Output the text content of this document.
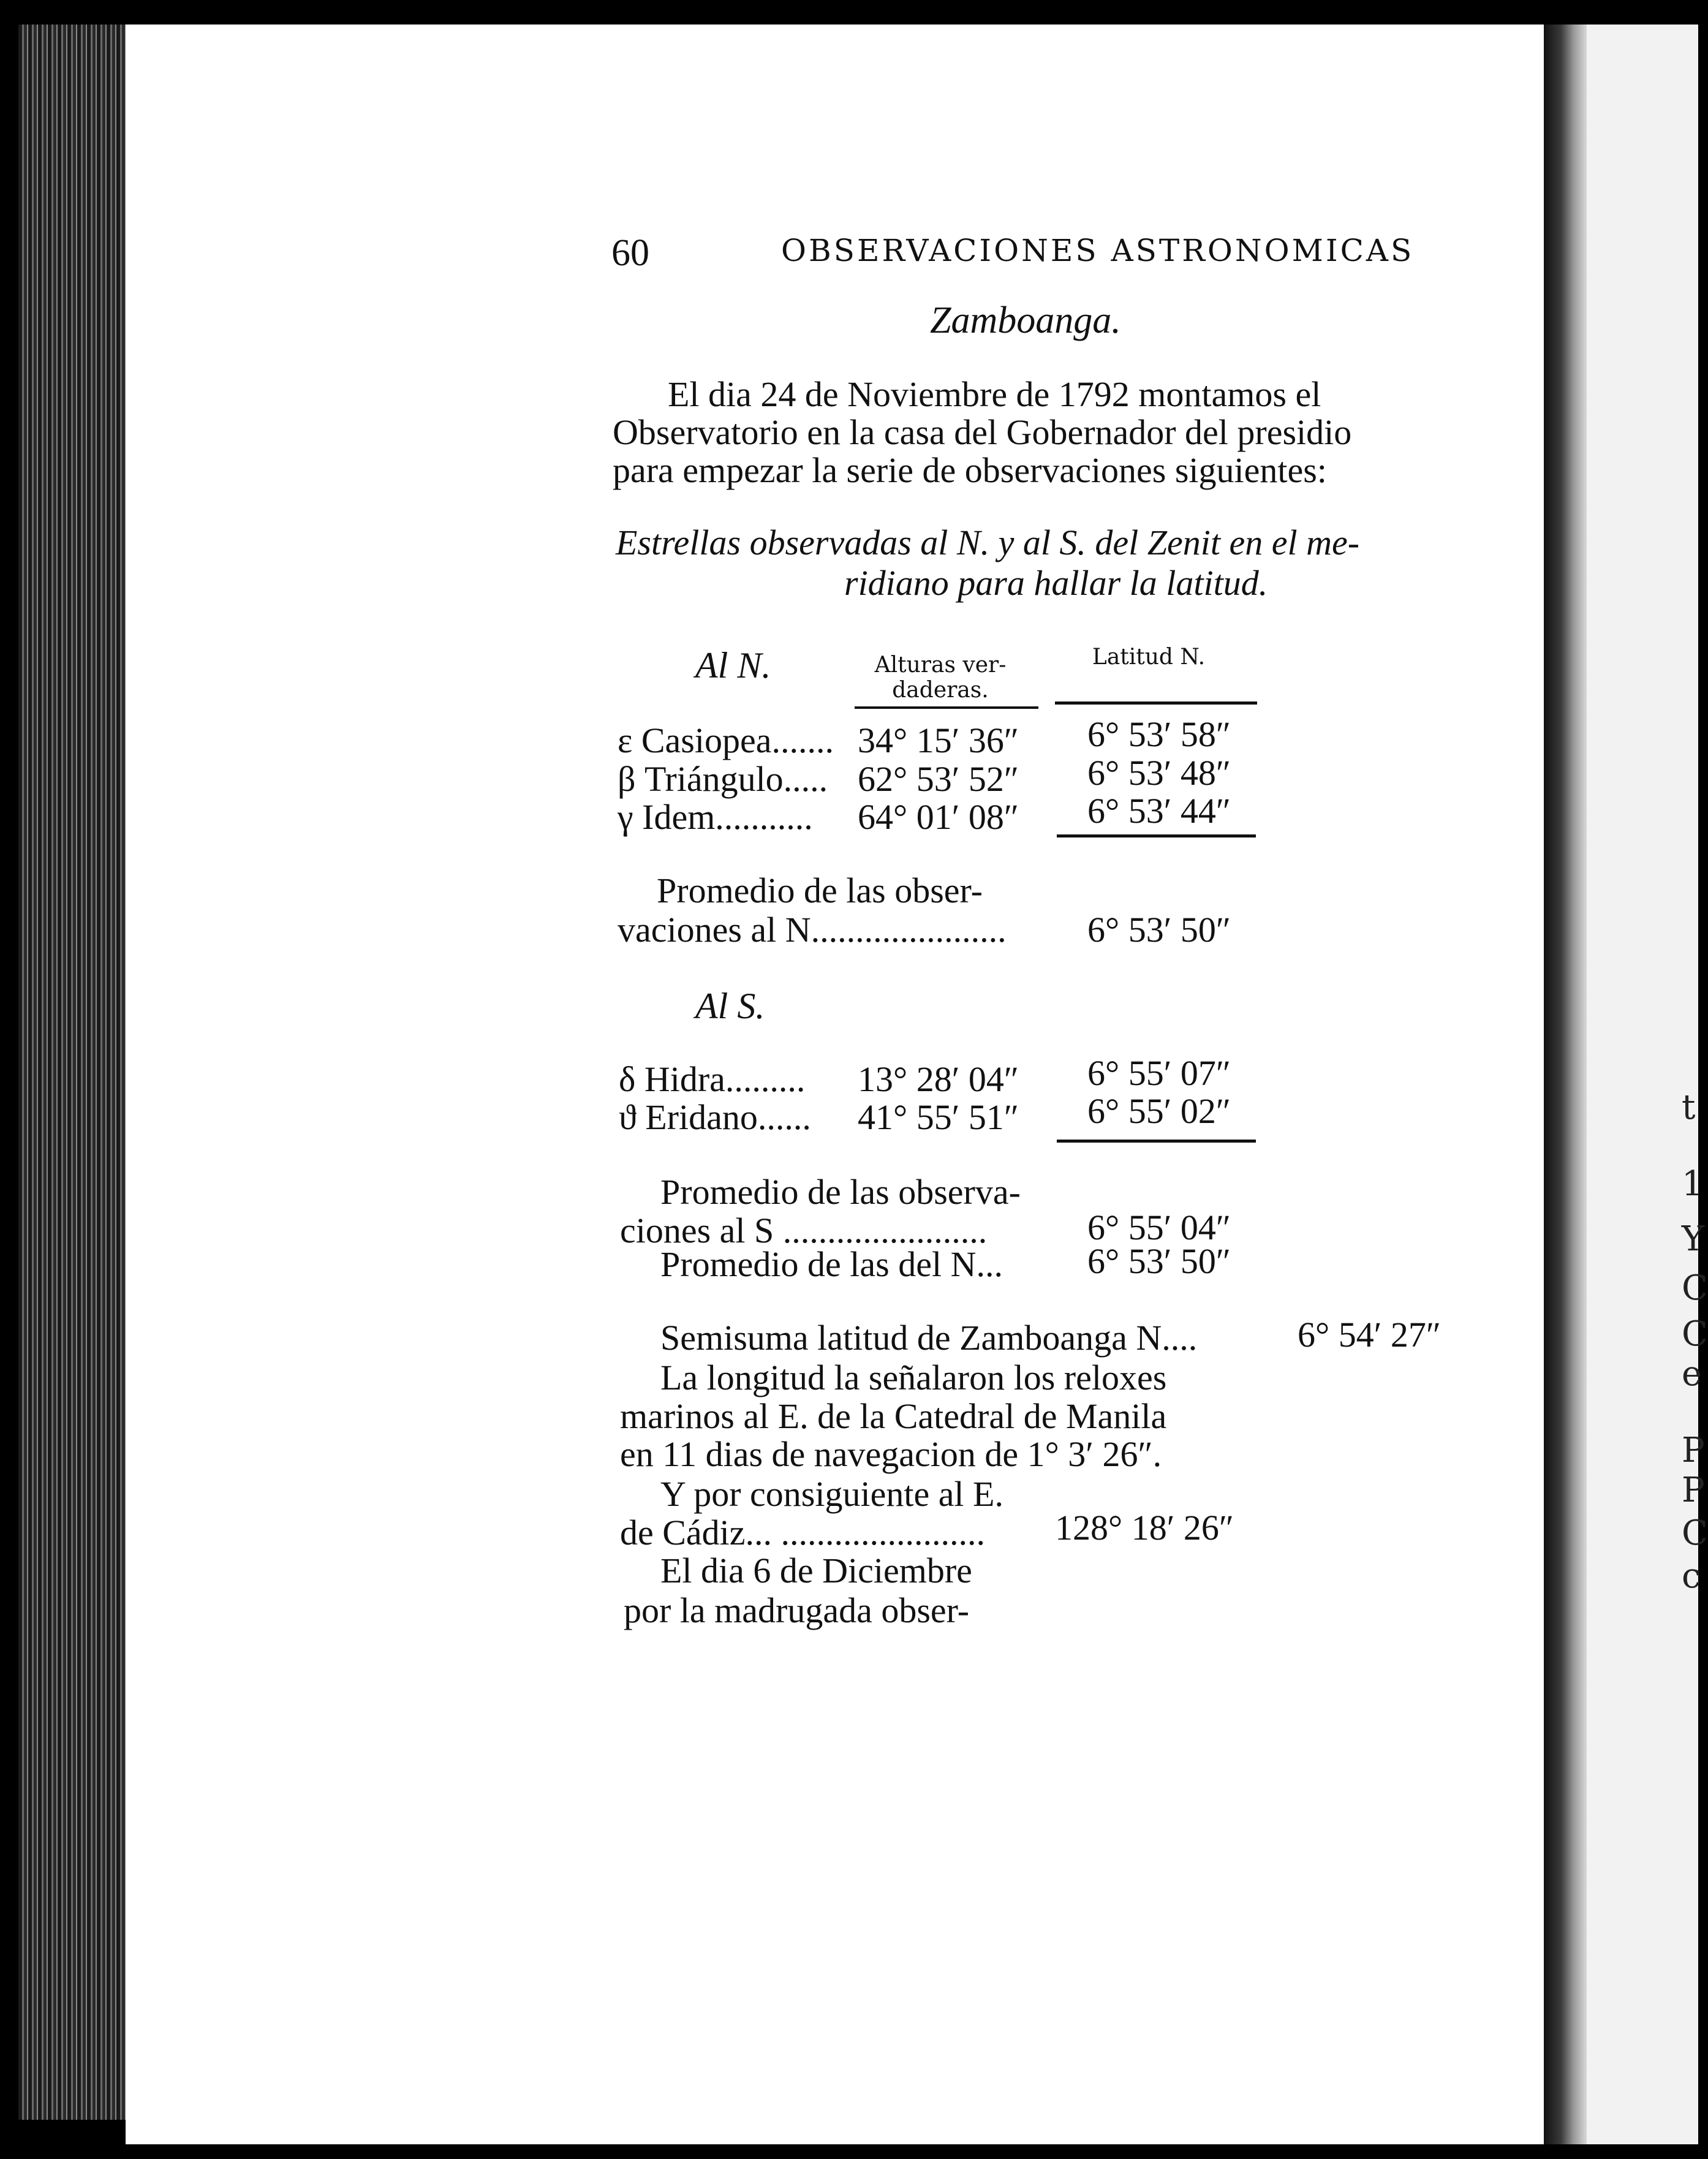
t
1
Y
C
C
e
P
P
C
c
60	OBSERVACIONES ASTRONOMICAS
Zamboanga.
El dia 24 de Noviembre de 1792 montamos el
Observatorio en la casa del Gobernador del presidio
para empezar la serie de observaciones siguientes:
Estrellas observadas al N. y al S. del Zenit en el me-
ridiano para hallar la latitud.
Al N.	Alturas ver-
daderas.
Latitud N.
ε Casiopea....... 34° 15′ 36″ 6° 53′ 58″
β Triángulo..... 62° 53′ 52″ 6° 53′ 48″
γ Idem........... 64° 01′ 08″ 6° 53′ 44″
Promedio de las obser-
vaciones al N...................... 6° 53′ 50″
Al S.
δ Hidra......... 13° 28′ 04″ 6° 55′ 07″
ϑ Eridano...... 41° 55′ 51″ 6° 55′ 02″
Promedio de las observa-
ciones al S .......................	6° 55′ 04″
Promedio de las del N... 6° 53′ 50″
Semisuma latitud de Zamboanga N....	6° 54′ 27″
La longitud la señalaron los reloxes
marinos al E. de la Catedral de Manila
en 11 dias de navegacion de 1° 3′ 26″.
Y por consiguiente al E.
de Cádiz... ....................... 128° 18′ 26″
El dia 6 de Diciembre
por la madrugada obser-
